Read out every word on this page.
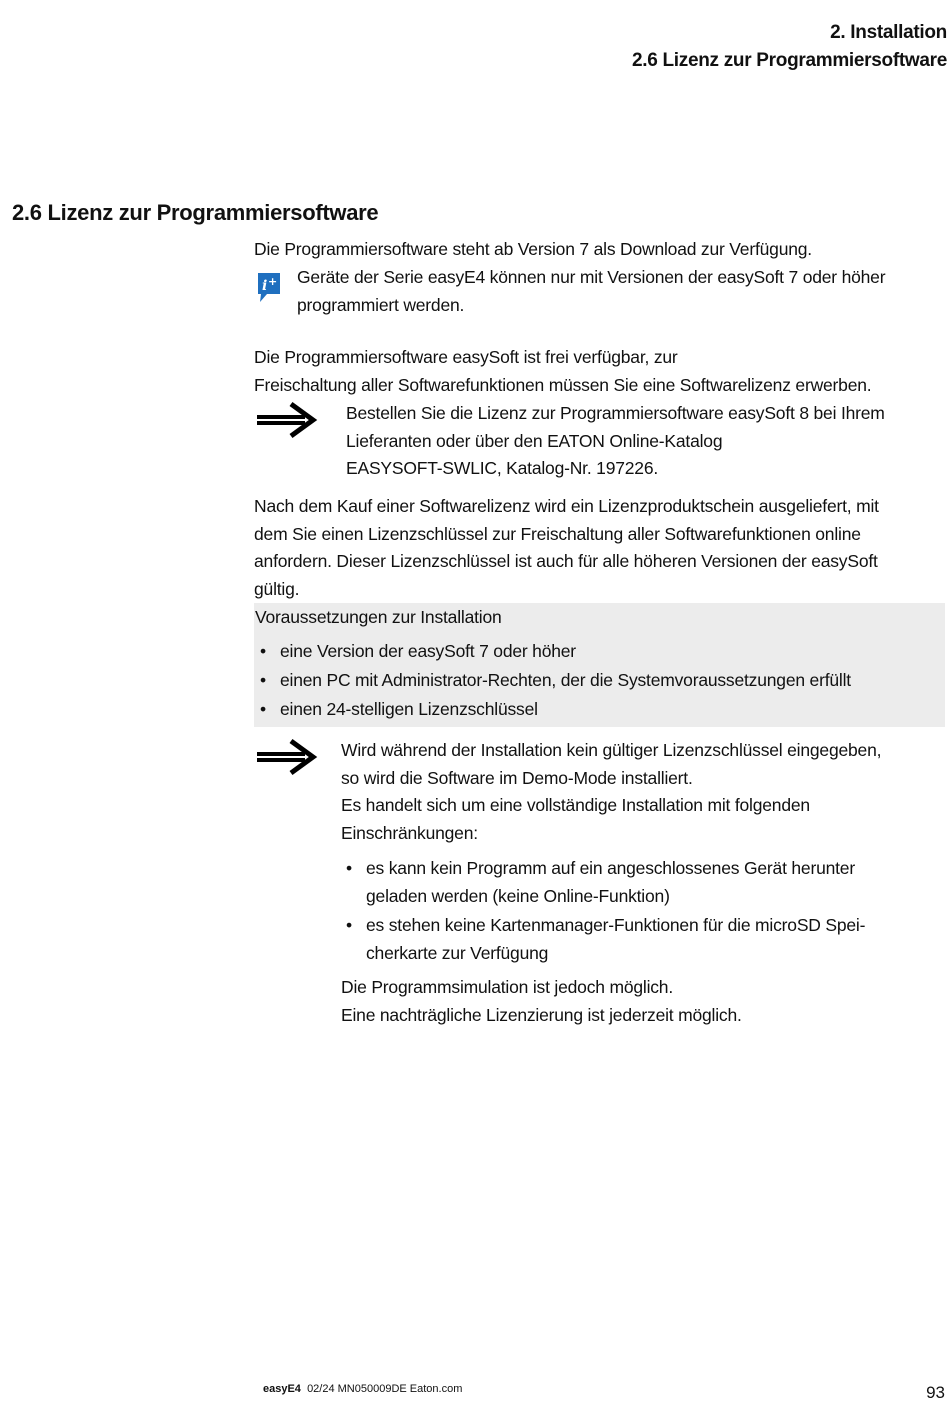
2. Installation
2.6 Lizenz zur Programmiersoftware
2.6 Lizenz zur Programmiersoftware
Die Programmiersoftware steht ab Version 7 als Download zur Verfügung.
i + Geräte der Serie easyE4 können nur mit Versionen der easySoft 7 oder höher
programmiert werden.
Die Programmiersoftware easySoft ist frei verfügbar, zur
Freischaltung aller Softwarefunktionen müssen Sie eine Softwarelizenz erwerben.
Bestellen Sie die Lizenz zur Programmiersoftware easySoft 8 bei Ihrem
Lieferanten oder über den EATON Online-Katalog
EASYSOFT-SWLIC, Katalog-Nr. 197226.
Nach dem Kauf einer Softwarelizenz wird ein Lizenzproduktschein ausgeliefert, mit
dem Sie einen Lizenzschlüssel zur Freischaltung aller Softwarefunktionen online
anfordern. Dieser Lizenzschlüssel ist auch für alle höheren Versionen der easySoft
gültig.
Voraussetzungen zur Installation
• eine Version der easySoft 7 oder höher
• einen PC mit Administrator-Rechten, der die Systemvoraussetzungen erfüllt
• einen 24-stelligen Lizenzschlüssel
Wird während der Installation kein gültiger Lizenzschlüssel eingegeben,
so wird die Software im Demo-Mode installiert.
Es handelt sich um eine vollständige Installation mit folgenden
Einschränkungen:
• es kann kein Programm auf ein angeschlossenes Gerät herunter
geladen werden (keine Online-Funktion)
• es stehen keine Kartenmanager-Funktionen für die microSD Spei-
cherkarte zur Verfügung
Die Programmsimulation ist jedoch möglich.
Eine nachträgliche Lizenzierung ist jederzeit möglich.
easyE4 02/24 MN050009DE Eaton.com	93
